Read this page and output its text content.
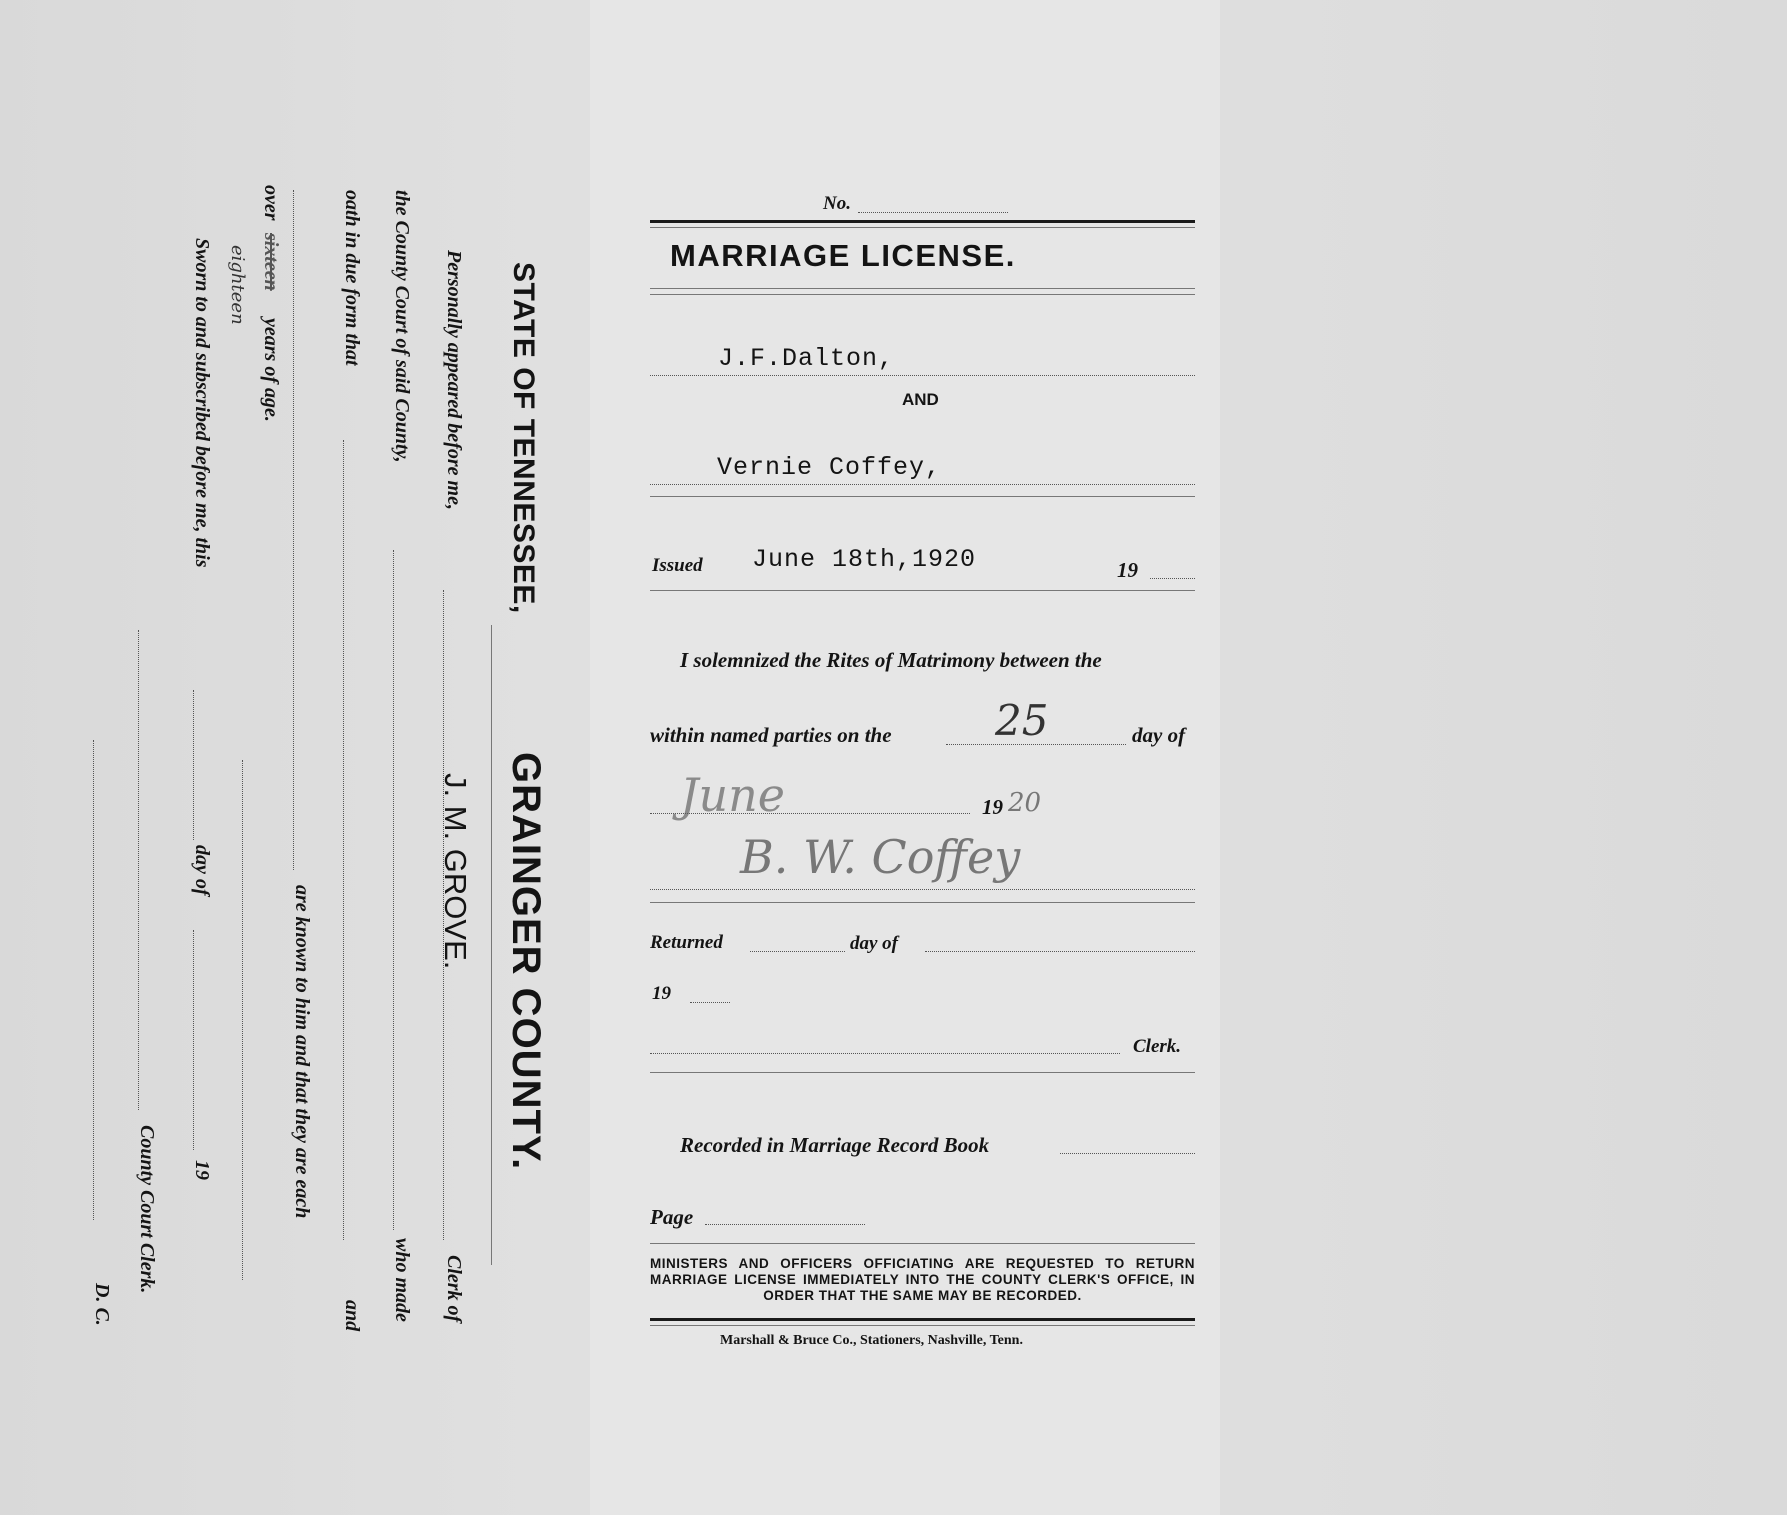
No.
MARRIAGE LICENSE.
J.F.Dalton,
AND
Vernie Coffey,
Issued June 18th,1920	19
I solemnized the Rites of Matrimony between the
within named parties on the 25	day of
June	19 20
B. W. Coffey
Returned	day of
19
Clerk.
Recorded in Marriage Record Book
Page
MINISTERS AND OFFICERS OFFICIATING ARE REQUESTED TO RETURN MARRIAGE LICENSE IMMEDIATELY INTO THE COUNTY CLERK'S OFFICE, IN ORDER THAT THE SAME MAY BE RECORDED.
Marshall & Bruce Co., Stationers, Nashville, Tenn.
STATE OF TENNESSEE,
GRAINGER COUNTY.
Personally appeared before me,
J. M. GROVE.
Clerk of
the County Court of said County,
who made
oath in due form that
and
are known to him and that they are each
over
sixteen
years of age.
eighteen
Sworn to and subscribed before me, this
day of
19
County Court Clerk.
D. C.
